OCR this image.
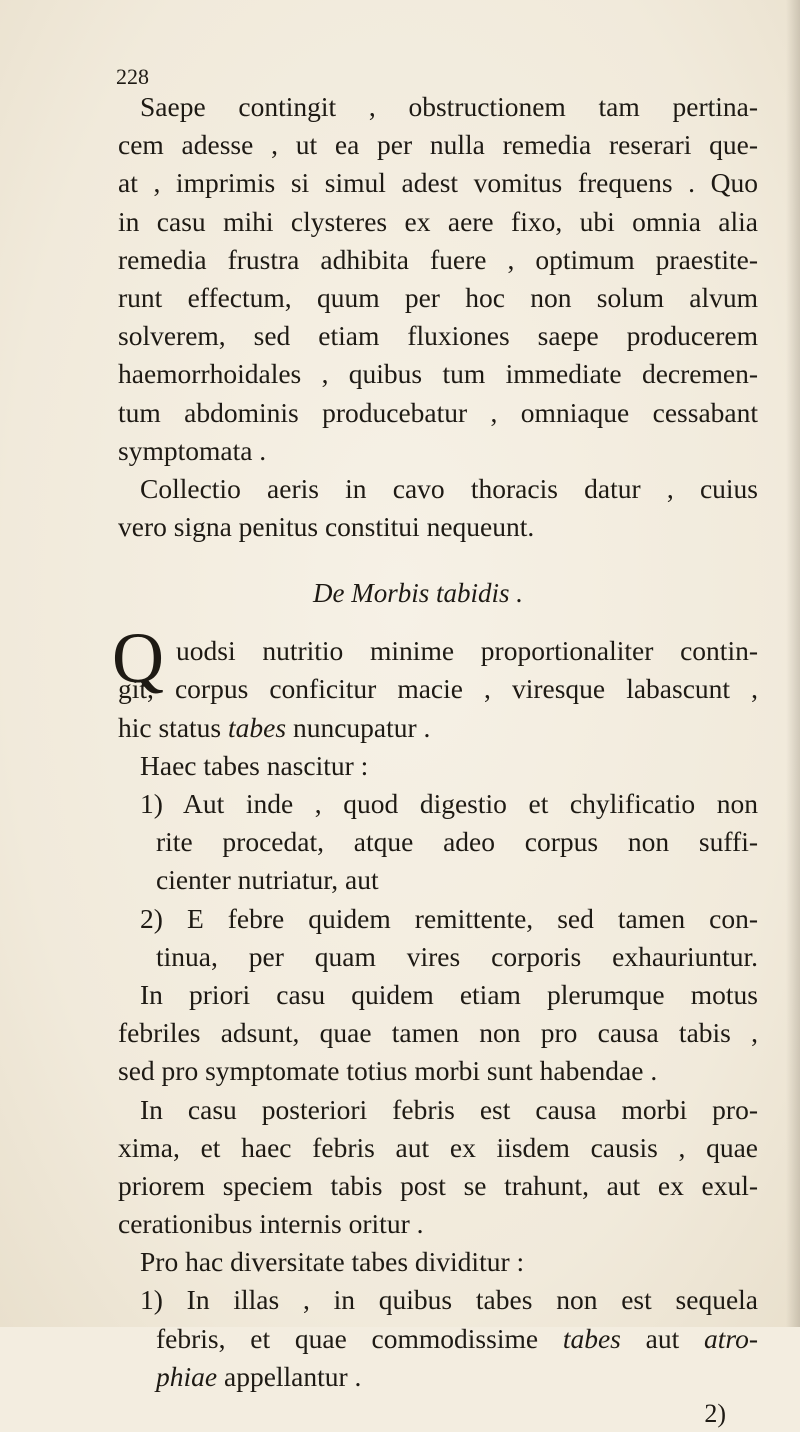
228
Saepe contingit , obstructionem tam pertina-
cem adesse , ut ea per nulla remedia reserari que-
at , imprimis si simul adest vomitus frequens . Quo
in casu mihi clysteres ex aere fixo, ubi omnia alia
remedia frustra adhibita fuere , optimum praestite-
runt effectum, quum per hoc non solum alvum
solverem, sed etiam fluxiones saepe producerem
haemorrhoidales , quibus tum immediate decremen-
tum abdominis producebatur , omniaque cessabant
symptomata .
Collectio aeris in cavo thoracis datur , cuius
vero signa penitus constitui nequeunt.
De Morbis tabidis .
Q uodsi nutritio minime proportionaliter contin-
git, corpus conficitur macie , viresque labascunt ,
hic status tabes nuncupatur .
Haec tabes nascitur :
1) Aut inde , quod digestio et chylificatio non
rite procedat, atque adeo corpus non suffi-
cienter nutriatur, aut
2) E febre quidem remittente, sed tamen con-
tinua, per quam vires corporis exhauriuntur.
In priori casu quidem etiam plerumque motus
febriles adsunt, quae tamen non pro causa tabis ,
sed pro symptomate totius morbi sunt habendae .
In casu posteriori febris est causa morbi pro-
xima, et haec febris aut ex iisdem causis , quae
priorem speciem tabis post se trahunt, aut ex exul-
cerationibus internis oritur .
Pro hac diversitate tabes dividitur :
1) In illas , in quibus tabes non est sequela
febris, et quae commodissime tabes aut atro-
phiae appellantur .
2)
